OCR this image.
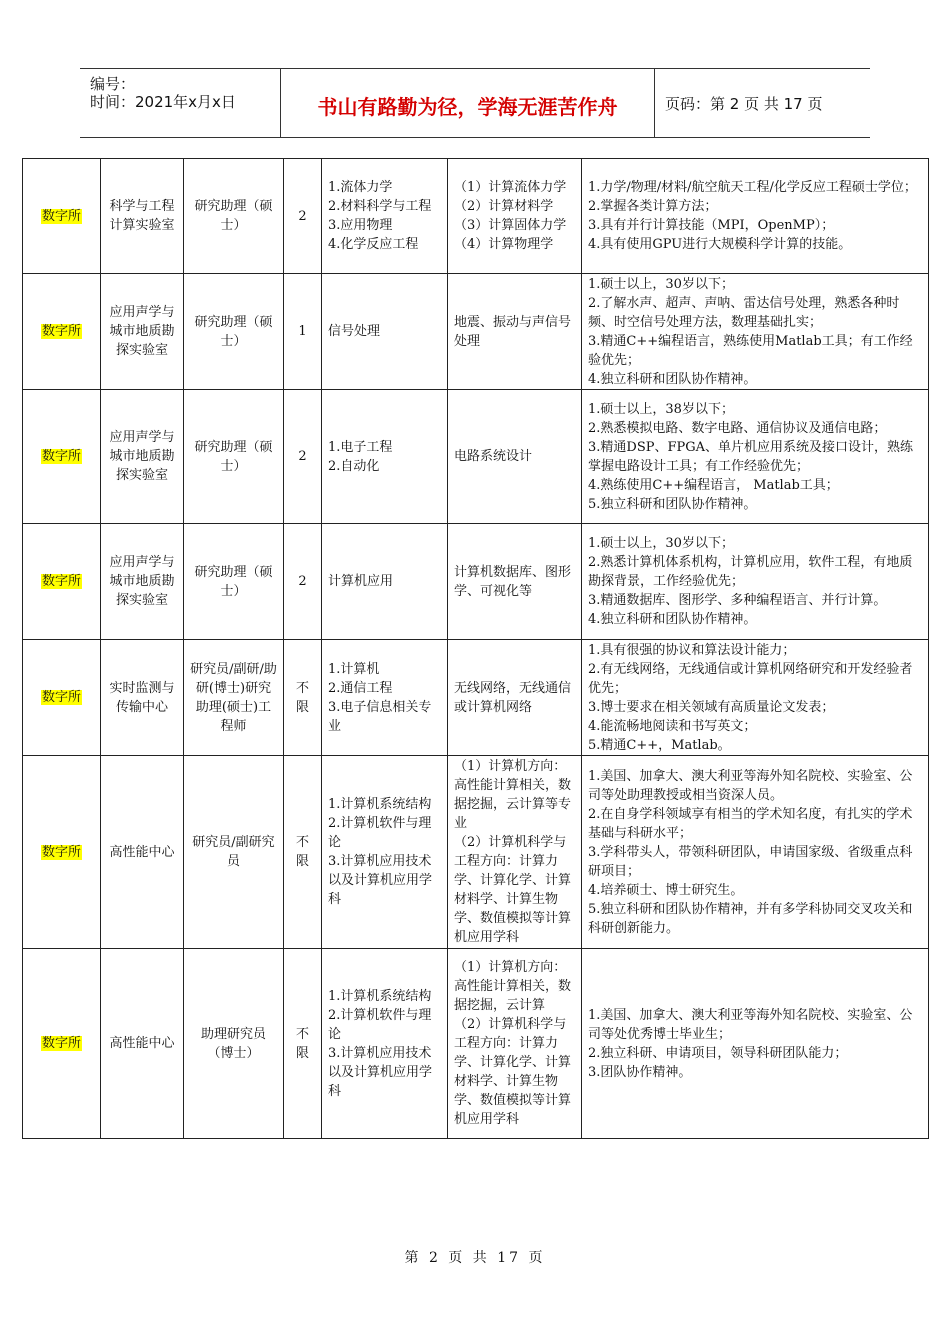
编号：
时间：2021年x月x日	书山有路勤为径，学海无涯苦作舟	页码：第 2 页 共 17 页
数字所	科学与工程计算实验室	研究助理（硕士）	2	1.流体力学
2.材料科学与工程
3.应用物理
4.化学反应工程	（1）计算流体力学
（2）计算材料学
（3）计算固体力学
（4）计算物理学	1.力学/物理/材料/航空航天工程/化学反应工程硕士学位；
2.掌握各类计算方法；
3.具有并行计算技能（MPI，OpenMP）；
4.具有使用GPU进行大规模科学计算的技能。

数字所	应用声学与城市地质勘探实验室	研究助理（硕士）	1	信号处理	地震、振动与声信号处理	1.硕士以上，30岁以下；
2.了解水声、超声、声呐、雷达信号处理，熟悉各种时频、时空信号处理方法，数理基础扎实；
3.精通C++编程语言，熟练使用Matlab工具；有工作经验优先；
4.独立科研和团队协作精神。

数字所	应用声学与城市地质勘探实验室	研究助理（硕士）	2	1.电子工程
2.自动化	电路系统设计	1.硕士以上，38岁以下；
2.熟悉模拟电路、数字电路、通信协议及通信电路；
3.精通DSP、FPGA、单片机应用系统及接口设计，熟练掌握电路设计工具；有工作经验优先；
4.熟练使用C++编程语言， Matlab工具；
5.独立科研和团队协作精神。

数字所	应用声学与城市地质勘探实验室	研究助理（硕士）	2	计算机应用	计算机数据库、图形学、可视化等	1.硕士以上，30岁以下；
2.熟悉计算机体系机构，计算机应用，软件工程，有地质勘探背景，工作经验优先；
3.精通数据库、图形学、多种编程语言、并行计算。
4.独立科研和团队协作精神。

数字所	实时监测与传输中心	研究员/副研/助研(博士)研究助理(硕士)工程师	不限	1.计算机
2.通信工程
3.电子信息相关专业	无线网络，无线通信或计算机网络	1.具有很强的协议和算法设计能力；
2.有无线网络，无线通信或计算机网络研究和开发经验者优先；
3.博士要求在相关领域有高质量论文发表；
4.能流畅地阅读和书写英文；
5.精通C++，Matlab。

数字所	高性能中心	研究员/副研究员	不限	1.计算机系统结构
2.计算机软件与理论
3.计算机应用技术以及计算机应用学科	（1）计算机方向：高性能计算相关，数据挖掘，云计算等专业
（2）计算机科学与工程方向：计算力学、计算化学、计算材料学、计算生物学、数值模拟等计算机应用学科	1.美国、加拿大、澳大利亚等海外知名院校、实验室、公司等处助理教授或相当资深人员。
2.在自身学科领域享有相当的学术知名度，有扎实的学术基础与科研水平；
3.学科带头人，带领科研团队，申请国家级、省级重点科研项目；
4.培养硕士、博士研究生。
5.独立科研和团队协作精神，并有多学科协同交叉攻关和科研创新能力。

数字所	高性能中心	助理研究员（博士）	不限	1.计算机系统结构
2.计算机软件与理论
3.计算机应用技术以及计算机应用学科	（1）计算机方向：高性能计算相关，数据挖掘，云计算
（2）计算机科学与工程方向：计算力学、计算化学、计算材料学、计算生物学、数值模拟等计算机应用学科	1.美国、加拿大、澳大利亚等海外知名院校、实验室、公司等处优秀博士毕业生；
2.独立科研、申请项目，领导科研团队能力；
3.团队协作精神。
第 2 页 共 17 页
